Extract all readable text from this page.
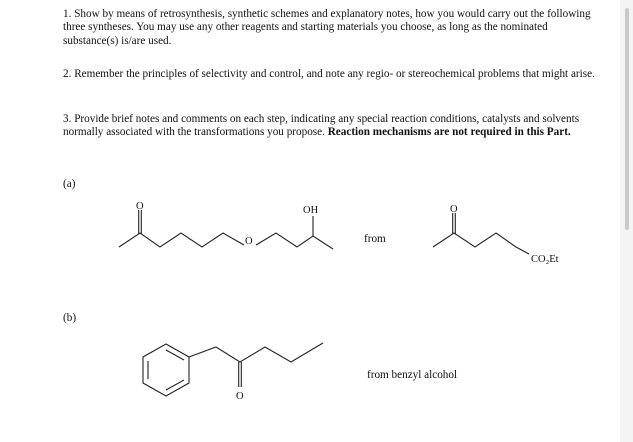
1. Show by means of retrosynthesis, synthetic schemes and explanatory notes, how you would carry out the following three syntheses. You may use any other reagents and starting materials you choose, as long as the nominated substance(s) is/are used.
2. Remember the principles of selectivity and control, and note any regio- or stereochemical problems that might arise.
3. Provide brief notes and comments on each step, indicating any special reaction conditions, catalysts and solvents normally associated with the transformations you propose. Reaction mechanisms are not required in this Part.
(a)
(b)
from
from benzyl alcohol
O
O
OH	O
CO₂Et
O
